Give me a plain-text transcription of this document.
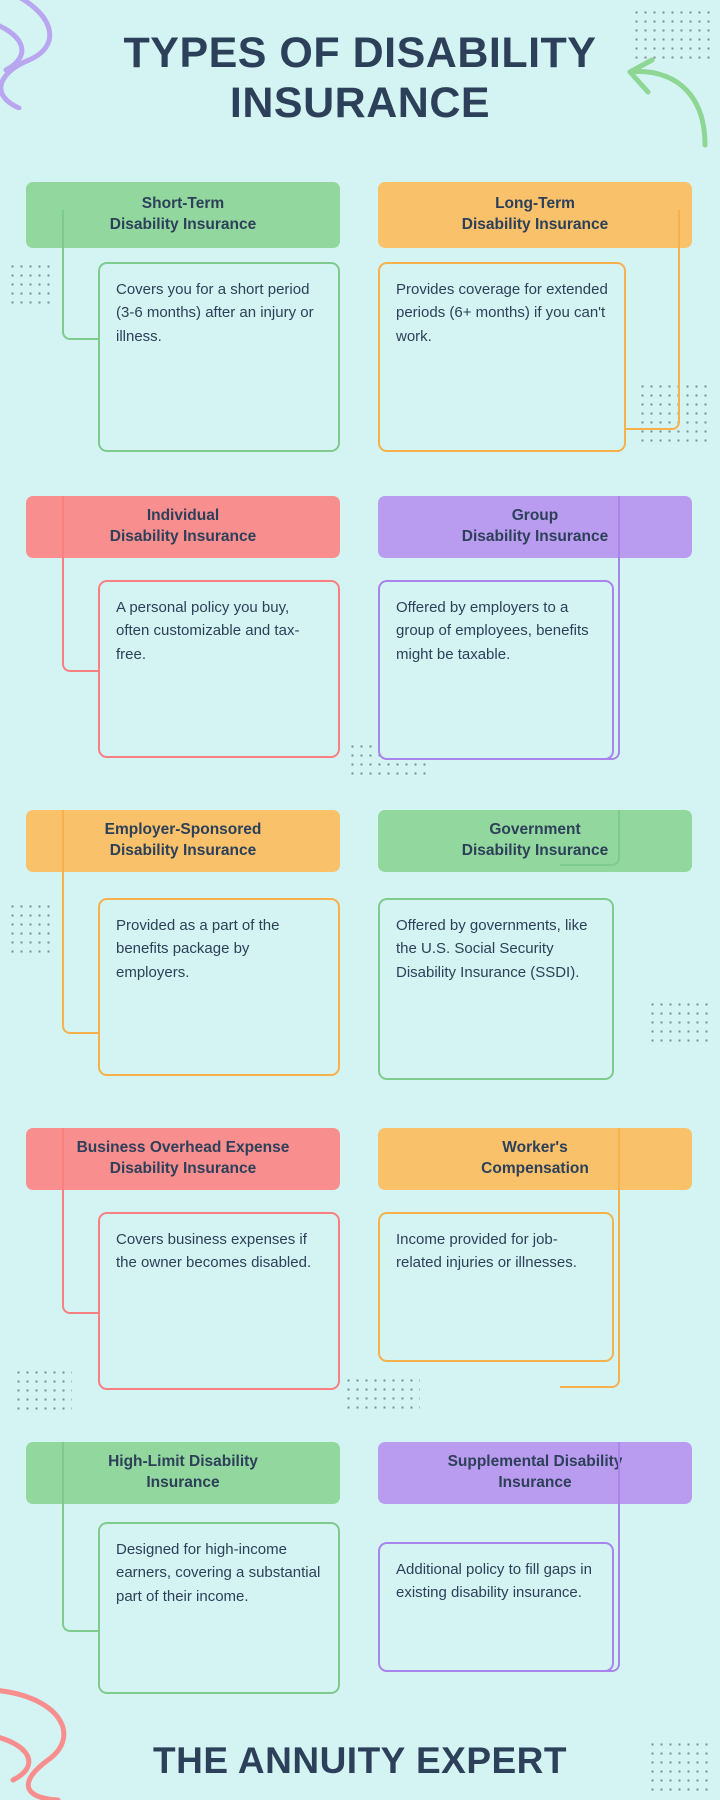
TYPES OF DISABILITY INSURANCE
Short-Term
Disability Insurance
Covers you for a short period (3-6 months) after an injury or illness.
Long-Term
Disability Insurance
Provides coverage for extended periods (6+ months) if you can't work.
Individual
Disability Insurance
A personal policy you buy, often customizable and tax-free.
Group
Disability Insurance
Offered by employers to a group of employees, benefits might be taxable.
Employer-Sponsored
Disability Insurance
Provided as a part of the benefits package by employers.
Government
Disability Insurance
Offered by governments, like the U.S. Social Security Disability Insurance (SSDI).
Business Overhead Expense
Disability Insurance
Covers business expenses if the owner becomes disabled.
Worker's
Compensation
Income provided for job-related injuries or illnesses.
High-Limit Disability
Insurance
Designed for high-income earners, covering a substantial part of their income.
Supplemental Disability
Insurance
Additional policy to fill gaps in existing disability insurance.
THE ANNUITY EXPERT
